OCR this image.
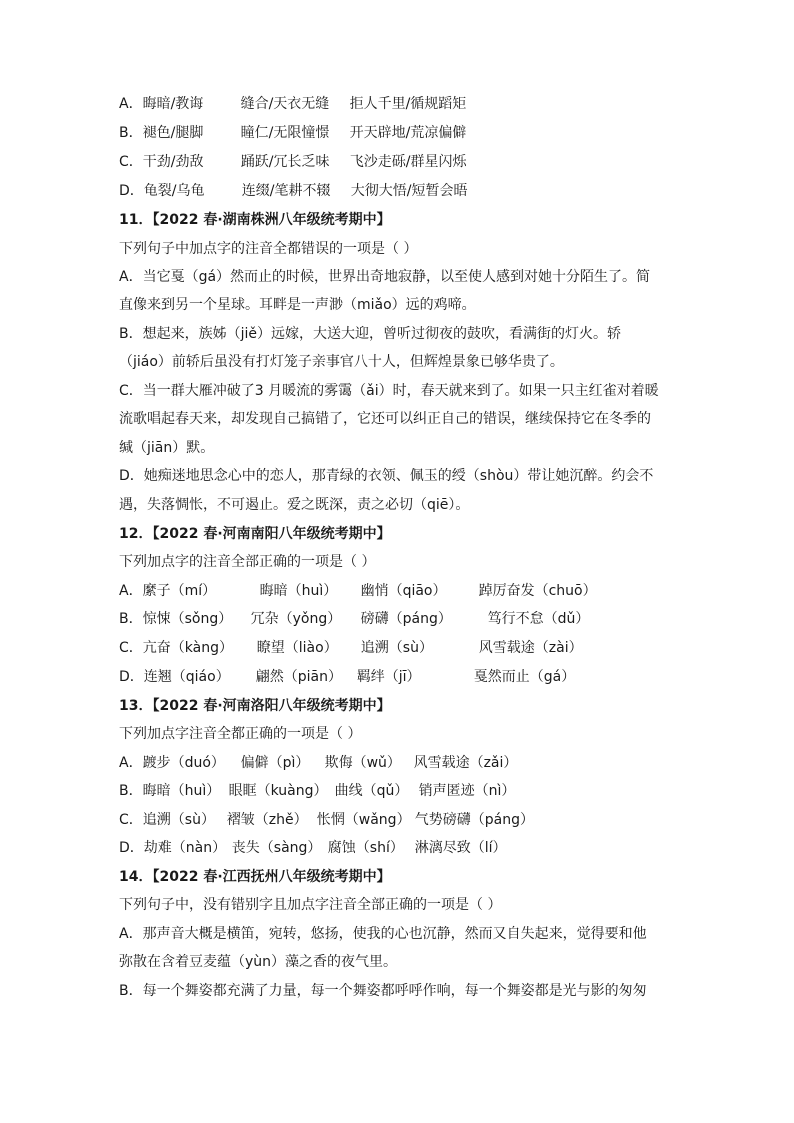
A．晦暗/教诲	缝合/天衣无缝 拒人千里/循规蹈矩
B．褪色/腿脚	瞳仁/无限憧憬 开天辟地/荒凉偏僻
C．干劲/劲敌	踊跃/冗长乏味 飞沙走砾/群星闪烁
D．龟裂/乌龟	连缀/笔耕不辍 大彻大悟/短暂会晤
11．【2022 春·湖南株洲八年级统考期中】
下列句子中加点字的注音全都错误的一项是（ ）
A．当它戛（gá）然而止的时候，世界出奇地寂静，以至使人感到对她十分陌生了。简
直像来到另一个星球。耳畔是一声渺（miǎo）远的鸡啼。
B．想起来，族姊（jiě）远嫁，大送大迎，曾听过彻夜的鼓吹，看满街的灯火。轿
（jiáo）前轿后虽没有打灯笼子亲事官八十人，但辉煌景象已够华贵了。
C．当一群大雁冲破了3 月暖流的雾霭（ǎi）时，春天就来到了。如果一只主红雀对着暖
流歌唱起春天来，却发现自己搞错了，它还可以纠正自己的错误，继续保持它在冬季的
缄（jiān）默。
D．她痴迷地思念心中的恋人，那青绿的衣领、佩玉的绶（shòu）带让她沉醉。约会不
遇，失落惆怅，不可遏止。爱之既深，责之必切（qiē）。
12．【2022 春·河南南阳八年级统考期中】
下列加点字的注音全部正确的一项是（ ）
A．縻子（mí）	晦暗（huì） 幽悄（qiāo） 踔厉奋发（chuō）
B．惊悚（sǒng） 冗杂（yǒng） 磅礴（páng）	笃行不怠（dǔ）
C．亢奋（kàng） 瞭望（liào） 追溯（sù）	风雪载途（zài）
D．连翘（qiáo） 翩然（piān） 羁绊（jī）	戛然而止（gá）
13．【2022 春·河南洛阳八年级统考期中】
下列加点字注音全都正确的一项是（ ）
A．踱步（duó） 偏僻（pì） 欺侮（wǔ） 风雪载途（zǎi）
B．晦暗（huì） 眼眶（kuàng） 曲线（qǔ） 销声匿迹（nì）
C．追溯（sù） 褶皱（zhě） 怅惘（wǎng） 气势磅礴（páng）
D．劫难（nàn） 丧失（sàng） 腐蚀（shí） 淋漓尽致（lí）
14．【2022 春·江西抚州八年级统考期中】
下列句子中，没有错别字且加点字注音全部正确的一项是（ ）
A．那声音大概是横笛，宛转，悠扬，使我的心也沉静，然而又自失起来，觉得要和他
弥散在含着豆麦蕴（yùn）藻之香的夜气里。
B．每一个舞姿都充满了力量，每一个舞姿都呼呼作响，每一个舞姿都是光与影的匆匆
